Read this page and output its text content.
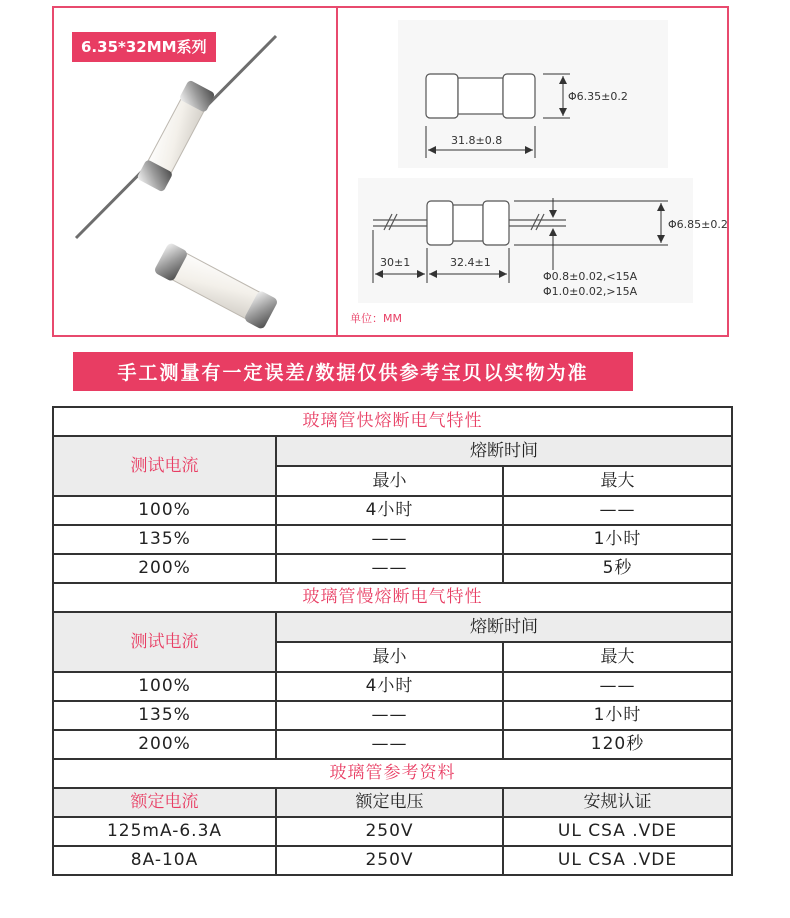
6.35*32MM系列
Φ6.35±0.2
31.8±0.8
30±1	32.4±1
Φ6.85±0.2
Φ0.8±0.02,<15A
Φ1.0±0.02,>15A
单位：MM
手工测量有一定误差/数据仅供参考宝贝以实物为准
玻璃管快熔断电气特性		
测试电流	熔断时间	
	最小	最大
100%	4小时	——
135%	——	1小时
200%	——	5秒
玻璃管慢熔断电气特性		
测试电流	熔断时间	
	最小	最大
100%	4小时	——
135%	——	1小时
200%	——	120秒
玻璃管参考资料		
额定电流	额定电压	安规认证
125mA-6.3A	250V	UL CSA .VDE
8A-10A	250V	UL CSA .VDE
